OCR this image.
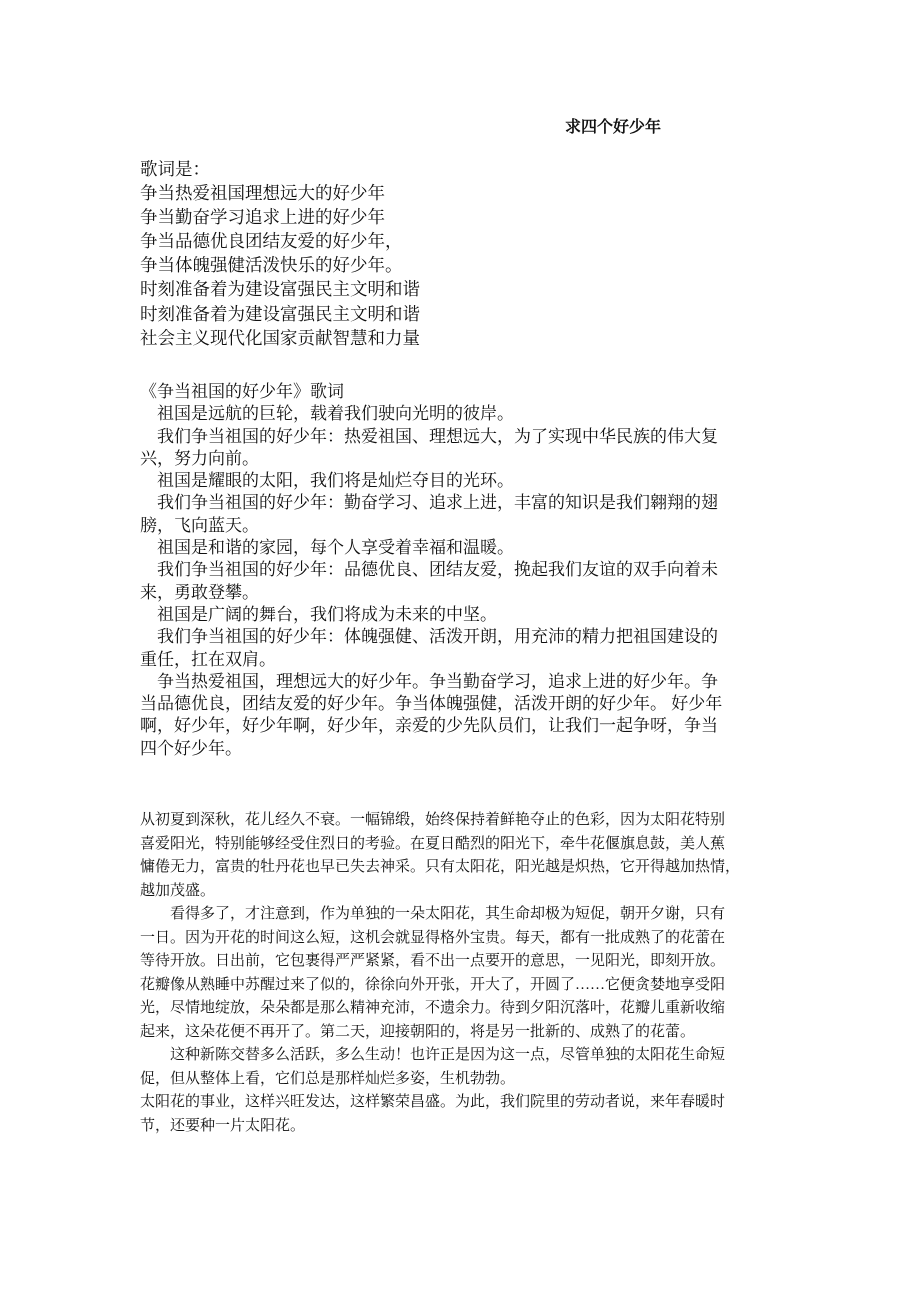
求四个好少年
歌词是：
争当热爱祖国理想远大的好少年
争当勤奋学习追求上进的好少年
争当品德优良团结友爱的好少年，
争当体魄强健活泼快乐的好少年。
时刻准备着为建设富强民主文明和谐
时刻准备着为建设富强民主文明和谐
社会主义现代化国家贡献智慧和力量
《争当祖国的好少年》歌词
祖国是远航的巨轮，载着我们驶向光明的彼岸。
我们争当祖国的好少年：热爱祖国、理想远大，为了实现中华民族的伟大复
兴，努力向前。
祖国是耀眼的太阳，我们将是灿烂夺目的光环。
我们争当祖国的好少年：勤奋学习、追求上进，丰富的知识是我们翱翔的翅
膀，飞向蓝天。
祖国是和谐的家园，每个人享受着幸福和温暖。
我们争当祖国的好少年：品德优良、团结友爱，挽起我们友谊的双手向着未
来，勇敢登攀。
祖国是广阔的舞台，我们将成为未来的中坚。
我们争当祖国的好少年：体魄强健、活泼开朗，用充沛的精力把祖国建设的
重任，扛在双肩。
争当热爱祖国，理想远大的好少年。争当勤奋学习，追求上进的好少年。争
当品德优良，团结友爱的好少年。争当体魄强健，活泼开朗的好少年。 好少年
啊，好少年，好少年啊，好少年，亲爱的少先队员们，让我们一起争呀，争当
四个好少年。
从初夏到深秋，花儿经久不衰。一幅锦缎，始终保持着鲜艳夺止的色彩，因为太阳花特别
喜爱阳光，特别能够经受住烈日的考验。在夏日酷烈的阳光下，牵牛花偃旗息鼓，美人蕉
慵倦无力，富贵的牡丹花也早已失去神采。只有太阳花，阳光越是炽热，它开得越加热情，
越加茂盛。
看得多了，才注意到，作为单独的一朵太阳花，其生命却极为短促，朝开夕谢，只有
一日。因为开花的时间这么短，这机会就显得格外宝贵。每天，都有一批成熟了的花蕾在
等待开放。日出前，它包裹得严严紧紧，看不出一点要开的意思，一见阳光，即刻开放。
花瓣像从熟睡中苏醒过来了似的，徐徐向外开张，开大了，开圆了……它便贪婪地享受阳
光，尽情地绽放，朵朵都是那么精神充沛，不遗余力。待到夕阳沉落叶，花瓣儿重新收缩
起来，这朵花便不再开了。第二天，迎接朝阳的，将是另一批新的、成熟了的花蕾。
这种新陈交替多么活跃，多么生动！也许正是因为这一点，尽管单独的太阳花生命短
促，但从整体上看，它们总是那样灿烂多姿，生机勃勃。
太阳花的事业，这样兴旺发达，这样繁荣昌盛。为此，我们院里的劳动者说，来年春暖时
节，还要种一片太阳花。
